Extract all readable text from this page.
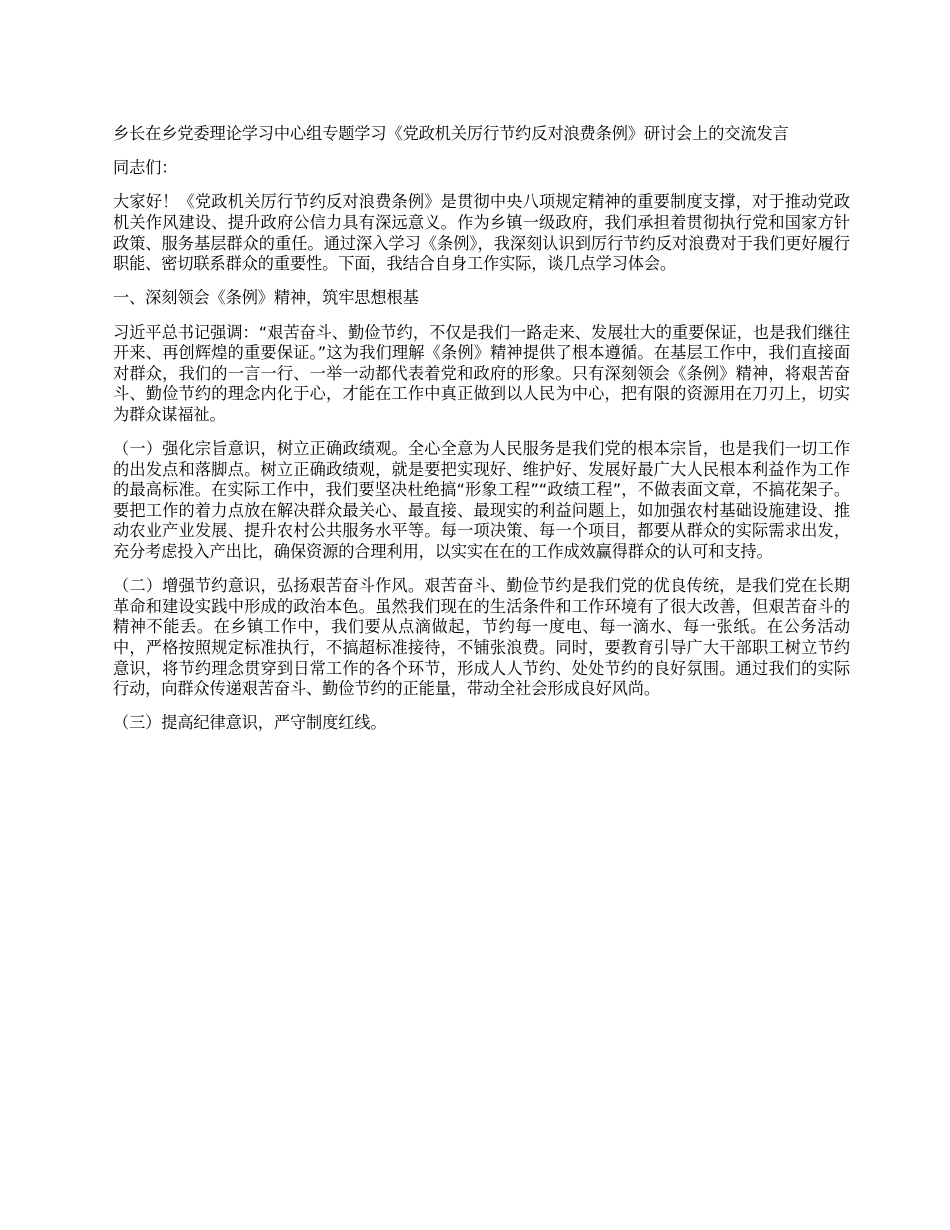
乡长在乡党委理论学习中心组专题学习《党政机关厉行节约反对浪费条例》研讨会上的交流发言

同志们：

大家好！《党政机关厉行节约反对浪费条例》是贯彻中央八项规定精神的重要制度支撑，对于推动党政机关作风建设、提升政府公信力具有深远意义。作为乡镇一级政府，我们承担着贯彻执行党和国家方针政策、服务基层群众的重任。通过深入学习《条例》，我深刻认识到厉行节约反对浪费对于我们更好履行职能、密切联系群众的重要性。下面，我结合自身工作实际，谈几点学习体会。

一、深刻领会《条例》精神，筑牢思想根基

习近平总书记强调：“艰苦奋斗、勤俭节约，不仅是我们一路走来、发展壮大的重要保证，也是我们继往开来、再创辉煌的重要保证。”这为我们理解《条例》精神提供了根本遵循。在基层工作中，我们直接面对群众，我们的一言一行、一举一动都代表着党和政府的形象。只有深刻领会《条例》精神，将艰苦奋斗、勤俭节约的理念内化于心，才能在工作中真正做到以人民为中心，把有限的资源用在刀刃上，切实为群众谋福祉。

（一）强化宗旨意识，树立正确政绩观。全心全意为人民服务是我们党的根本宗旨，也是我们一切工作的出发点和落脚点。树立正确政绩观，就是要把实现好、维护好、发展好最广大人民根本利益作为工作的最高标准。在实际工作中，我们要坚决杜绝搞“形象工程”“政绩工程”，不做表面文章，不搞花架子。要把工作的着力点放在解决群众最关心、最直接、最现实的利益问题上，如加强农村基础设施建设、推动农业产业发展、提升农村公共服务水平等。每一项决策、每一个项目，都要从群众的实际需求出发，充分考虑投入产出比，确保资源的合理利用，以实实在在的工作成效赢得群众的认可和支持。

（二）增强节约意识，弘扬艰苦奋斗作风。艰苦奋斗、勤俭节约是我们党的优良传统，是我们党在长期革命和建设实践中形成的政治本色。虽然我们现在的生活条件和工作环境有了很大改善，但艰苦奋斗的精神不能丢。在乡镇工作中，我们要从点滴做起，节约每一度电、每一滴水、每一张纸。在公务活动中，严格按照规定标准执行，不搞超标准接待，不铺张浪费。同时，要教育引导广大干部职工树立节约意识，将节约理念贯穿到日常工作的各个环节，形成人人节约、处处节约的良好氛围。通过我们的实际行动，向群众传递艰苦奋斗、勤俭节约的正能量，带动全社会形成良好风尚。

（三）提高纪律意识，严守制度红线。
